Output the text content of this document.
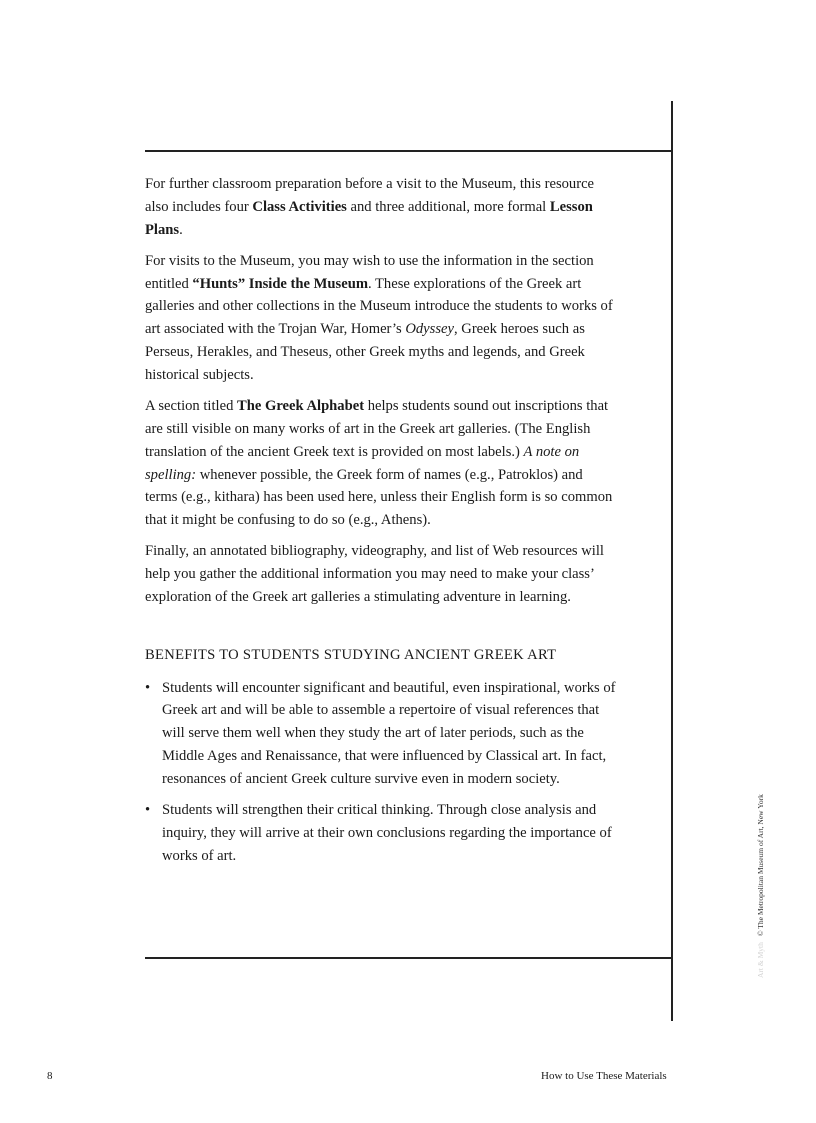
For further classroom preparation before a visit to the Museum, this resource also includes four Class Activities and three additional, more formal Lesson Plans.

For visits to the Museum, you may wish to use the information in the section entitled “Hunts” Inside the Museum. These explorations of the Greek art galleries and other collections in the Museum introduce the students to works of art associated with the Trojan War, Homer’s Odyssey, Greek heroes such as Perseus, Herakles, and Theseus, other Greek myths and legends, and Greek historical subjects.

A section titled The Greek Alphabet helps students sound out inscriptions that are still visible on many works of art in the Greek art galleries. (The English translation of the ancient Greek text is provided on most labels.) A note on spelling: whenever possible, the Greek form of names (e.g., Patroklos) and terms (e.g., kithara) has been used here, unless their English form is so common that it might be confusing to do so (e.g., Athens).

Finally, an annotated bibliography, videography, and list of Web resources will help you gather the additional information you may need to make your class’ exploration of the Greek art galleries a stimulating adventure in learning.

BENEFITS TO STUDENTS STUDYING ANCIENT GREEK ART
• Students will encounter significant and beautiful, even inspirational, works of Greek art and will be able to assemble a repertoire of visual references that will serve them well when they study the art of later periods, such as the Middle Ages and Renaissance, that were influenced by Classical art. In fact, resonances of ancient Greek culture survive even in modern society.
• Students will strengthen their critical thinking. Through close analysis and inquiry, they will arrive at their own conclusions regarding the importance of works of art.
Art & Myth© The Metropolitan Museum of Art, New York
8	How to Use These Materials
